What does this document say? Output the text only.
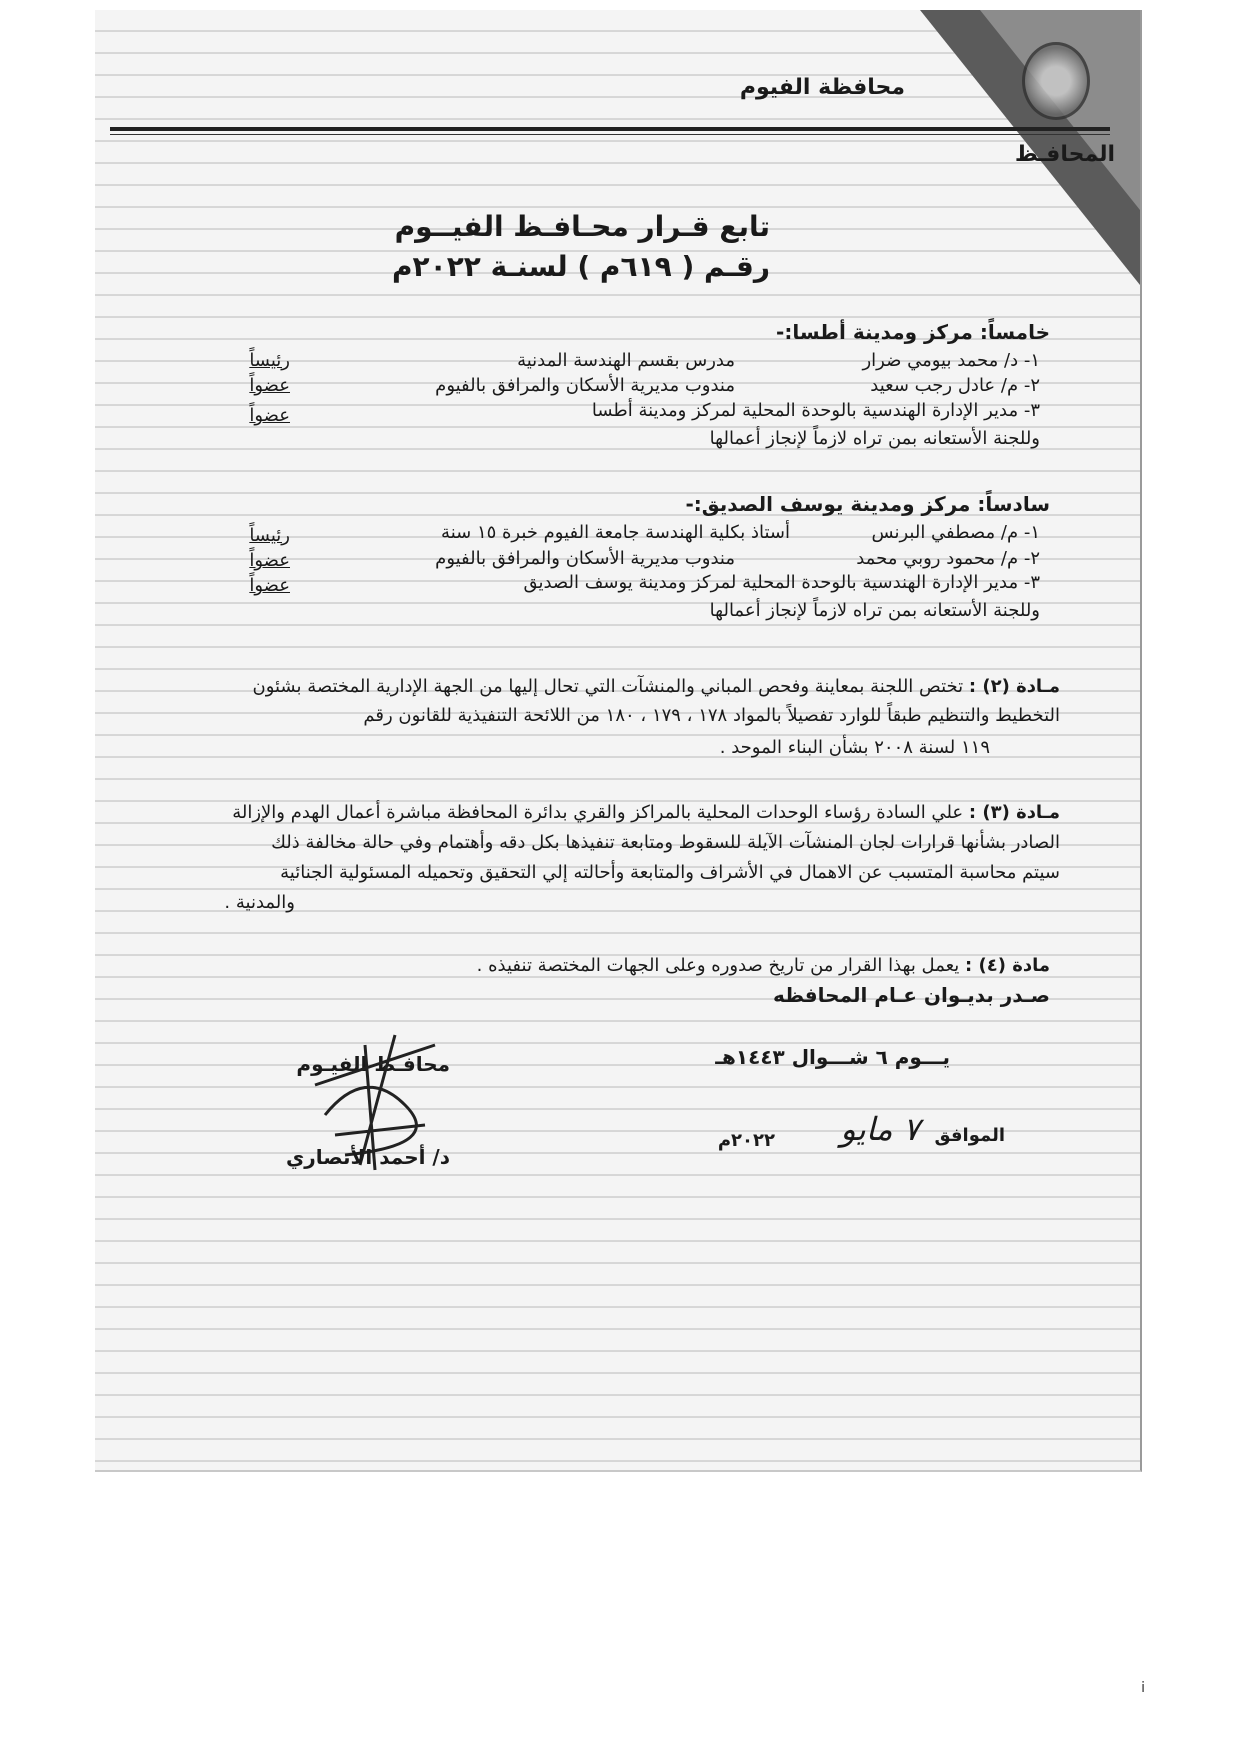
محافظة الفيوم
المحافـظ
تابع قـرار محـافـظ الفيــوم
رقـم ( ٦١٩م ) لسنـة ٢٠٢٢م
خامساً: مركز ومدينة أطسا:-
١- د/ محمد بيومي ضرار
مدرس بقسم الهندسة المدنية
رئيساً
٢- م/ عادل رجب سعيد
مندوب مديرية الأسكان والمرافق بالفيوم
عضواً
٣- مدير الإدارة الهندسية بالوحدة المحلية لمركز ومدينة أطسا
عضواً
وللجنة الأستعانه بمن تراه لازماً لإنجاز أعمالها
سادساً: مركز ومدينة يوسف الصديق:-
١- م/ مصطفي البرنس
أستاذ بكلية الهندسة جامعة الفيوم خبرة ١٥ سنة
رئيساً
٢- م/ محمود روبي محمد
مندوب مديرية الأسكان والمرافق بالفيوم
عضواً
٣- مدير الإدارة الهندسية بالوحدة المحلية لمركز ومدينة يوسف الصديق
عضواً
وللجنة الأستعانه بمن تراه لازماً لإنجاز أعمالها
مـادة (٢) : تختص اللجنة بمعاينة وفحص المباني والمنشآت التي تحال إليها من الجهة الإدارية المختصة بشئون
التخطيط والتنظيم طبقاً للوارد تفصيلاً بالمواد ١٧٨ ، ١٧٩ ، ١٨٠ من اللائحة التنفيذية للقانون رقم
١١٩ لسنة ٢٠٠٨ بشأن البناء الموحد .
مـادة (٣) : علي السادة رؤساء الوحدات المحلية بالمراكز والقري بدائرة المحافظة مباشرة أعمال الهدم والإزالة
الصادر بشأنها قرارات لجان المنشآت الآيلة للسقوط ومتابعة تنفيذها بكل دقه وأهتمام وفي حالة مخالفة ذلك
سيتم محاسبة المتسبب عن الاهمال في الأشراف والمتابعة وأحالته إلي التحقيق وتحميله المسئولية الجنائية
والمدنية .
مادة (٤) : يعمل بهذا القرار من تاريخ صدوره وعلى الجهات المختصة تنفيذه .
صـدر بديـوان عـام المحافظه
يـــوم ٦ شـــوال ١٤٤٣هـ
الموافق
٧ مايو
٢٠٢٢م
محافـظ الفيـوم
د/ أحمد الأنصاري
i
